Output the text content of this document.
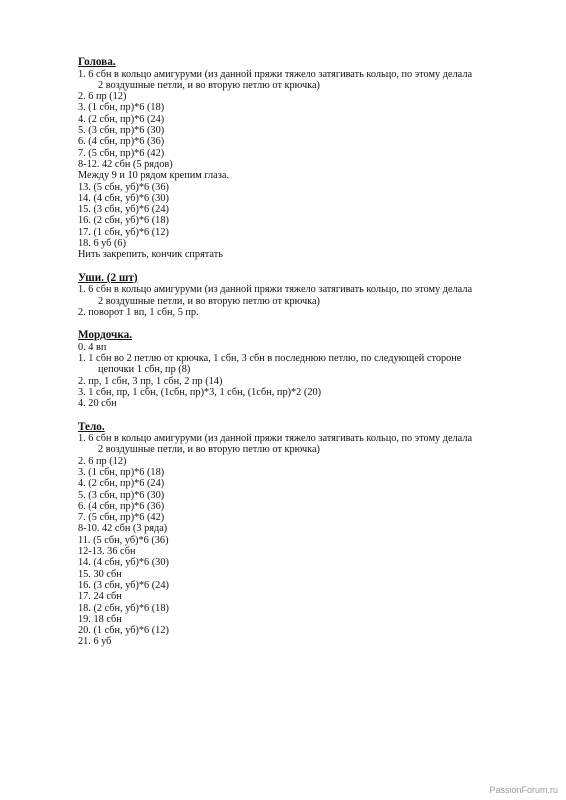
Голова.

1. 6 сбн в кольцо амигуруми (из данной пряжи тяжело затягивать кольцо, по этому делала

2 воздушные петли, и во вторую петлю от крючка)

2. 6 пр (12)

3. (1 сбн, пр)*6 (18)

4. (2 сбн, пр)*6 (24)

5. (3 сбн, пр)*6 (30)

6. (4 сбн, пр)*6 (36)

7. (5 сбн, пр)*6 (42)

8-12. 42 сбн (5 рядов)

Между 9 и 10 рядом крепим глаза.

13. (5 сбн, уб)*6 (36)

14. (4 сбн, уб)*6 (30)

15. (3 сбн, уб)*6 (24)

16. (2 сбн, уб)*6 (18)

17. (1 сбн, уб)*6 (12)

18. 6 уб (6)

Нить закрепить, кончик спрятать

Уши. (2 шт)

1. 6 сбн в кольцо амигуруми (из данной пряжи тяжело затягивать кольцо, по этому делала

2 воздушные петли, и во вторую петлю от крючка)

2. поворот 1 вп, 1 сбн, 5 пр.

Мордочка.

0. 4 вп

1. 1 сбн во 2 петлю от крючка, 1 сбн, 3 сбн в последнюю петлю, по следующей стороне

цепочки 1 сбн, пр (8)

2. пр, 1 сбн, 3 пр, 1 сбн, 2 пр (14)

3. 1 сбн, пр, 1 сбн, (1сбн, пр)*3, 1 сбн, (1сбн, пр)*2 (20)

4. 20 сбн

Тело.

1. 6 сбн в кольцо амигуруми (из данной пряжи тяжело затягивать кольцо, по этому делала

2 воздушные петли, и во вторую петлю от крючка)

2. 6 пр (12)

3. (1 сбн, пр)*6 (18)

4. (2 сбн, пр)*6 (24)

5. (3 сбн, пр)*6 (30)

6. (4 сбн, пр)*6 (36)

7. (5 сбн, пр)*6 (42)

8-10. 42 сбн (3 ряда)

11. (5 сбн, уб)*6 (36)

12-13. 36 сбн

14. (4 сбн, уб)*6 (30)

15. 30 сбн

16. (3 сбн, уб)*6 (24)

17. 24 сбн

18. (2 сбн, уб)*6 (18)

19. 18 сбн

20. (1 сбн, уб)*6 (12)

21. 6 уб

PassionForum.ru
